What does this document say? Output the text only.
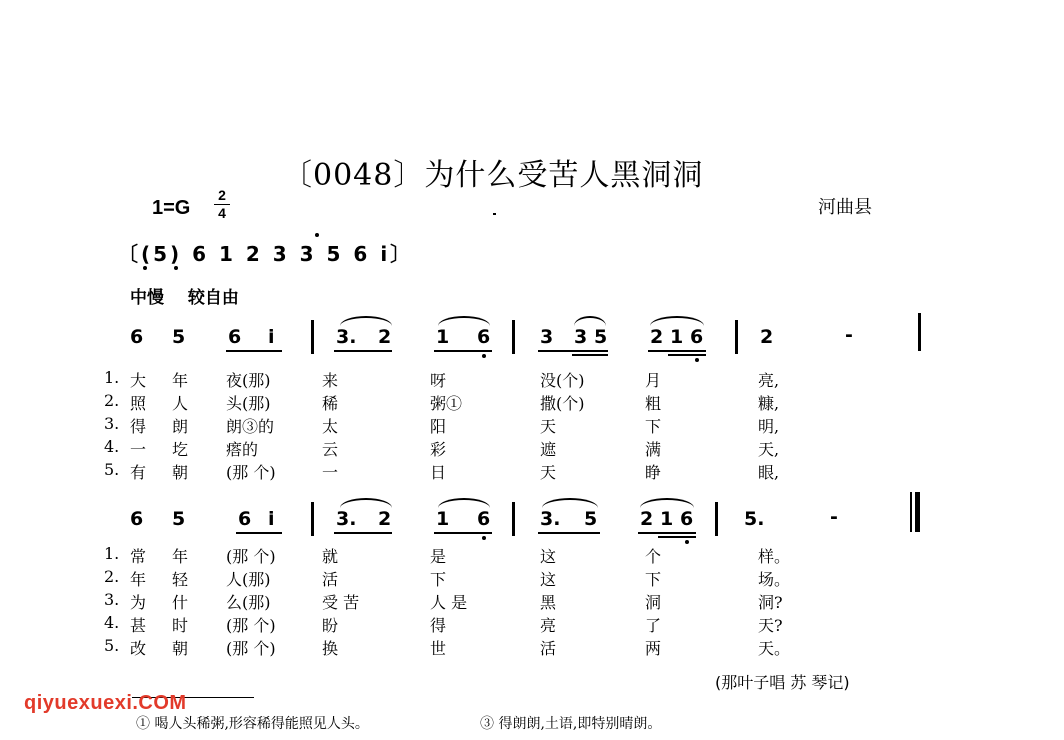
〔0048〕为什么受苦人黑洞洞
1=G
2
4	河曲县
〔(5) 6 1 2 3 3 5 6 i〕
中慢 较自由
6 5 6 i	3. 2 1 6	3 3 5 2 1 6	2	-
1. 大 年 夜(那)	来	呀	没(个)	月	亮,
2. 照 人 头(那)	稀	粥①	撒(个)	粗	糠,
3. 得 朗 朗③的	太	阳	天	下	明,
4. 一 圪 瘩的	云	彩	遮	满	天,
5. 有 朝 (那 个)	一	日	天	睁	眼,
6 5	6 i	3. 2 1 6	3. 5 2 1 6	5.	-
1. 常 年 (那 个)	就	是	这	个	样。
2. 年 轻 人(那)	活	下	这	下	场。
3. 为 什 么(那)	受 苦	人 是	黑	洞	洞?
4. 甚 时 (那 个)	盼	得	亮	了	天?
5. 改 朝 (那 个)	换	世	活	两	天。
(那叶子唱 苏 琴记)
① 喝人头稀粥,形容稀得能照见人头。	③ 得朗朗,土语,即特别晴朗。
qiyuexuexi.COM
